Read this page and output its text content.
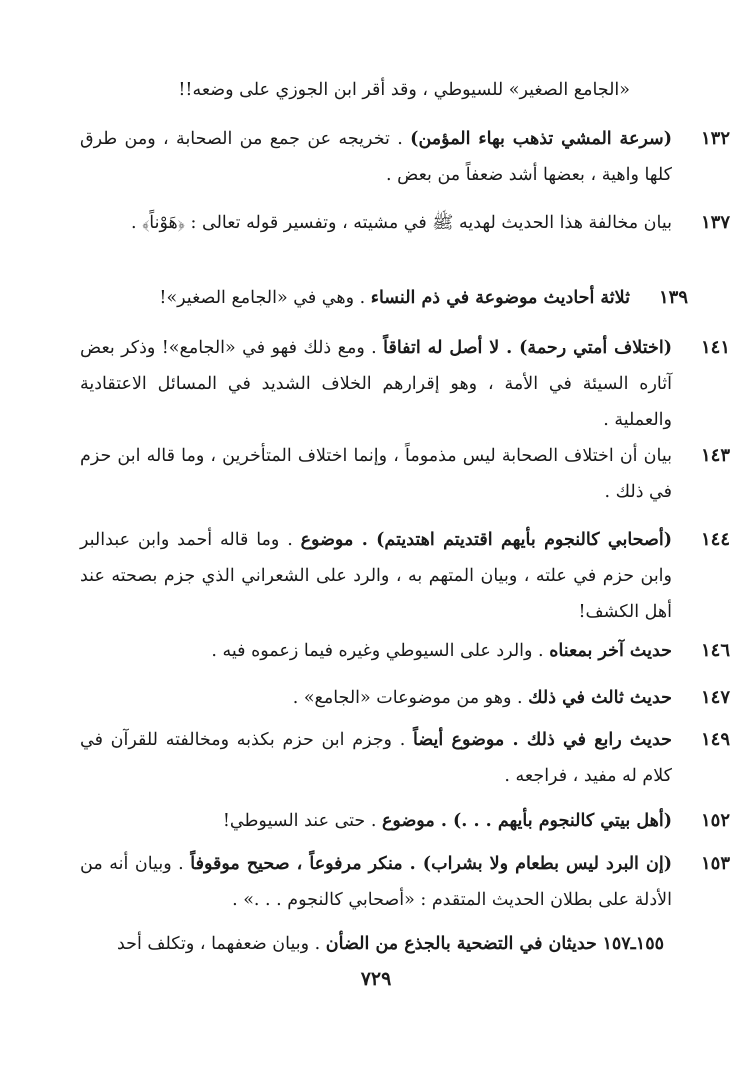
«الجامع الصغير» للسيوطي ، وقد أقر ابن الجوزي على وضعه!!
١٣٢
(سرعة المشي تذهب بهاء المؤمن) . تخريجه عن جمع من الصحابة ، ومن طرق كلها واهية ، بعضها أشد ضعفاً من بعض .
١٣٧
بيان مخالفة هذا الحديث لهديه ﷺ في مشيته ، وتفسير قوله تعالى : ﴿هَوْناً﴾ .
١٣٩
ثلاثة أحاديث موضوعة في ذم النساء . وهي في «الجامع الصغير»!
١٤١
(اختلاف أمتي رحمة) . لا أصل له اتفاقاً . ومع ذلك فهو في «الجامع»! وذكر بعض آثاره السيئة في الأمة ، وهو إقرارهم الخلاف الشديد في المسائل الاعتقادية والعملية .
١٤٣
بيان أن اختلاف الصحابة ليس مذموماً ، وإنما اختلاف المتأخرين ، وما قاله ابن حزم في ذلك .
١٤٤
(أصحابي كالنجوم بأيهم اقتديتم اهتديتم) . موضوع . وما قاله أحمد وابن عبدالبر وابن حزم في علته ، وبيان المتهم به ، والرد على الشعراني الذي جزم بصحته عند أهل الكشف!
١٤٦
حديث آخر بمعناه . والرد على السيوطي وغيره فيما زعموه فيه .
١٤٧
حديث ثالث في ذلك . وهو من موضوعات «الجامع» .
١٤٩
حديث رابع في ذلك . موضوع أيضاً . وجزم ابن حزم بكذبه ومخالفته للقرآن في كلام له مفيد ، فراجعه .
١٥٢
(أهل بيتي كالنجوم بأيهم . . .) . موضوع . حتى عند السيوطي!
١٥٣
(إن البرد ليس بطعام ولا بشراب) . منكر مرفوعاً ، صحيح موقوفاً . وبيان أنه من الأدلة على بطلان الحديث المتقدم : «أصحابي كالنجوم . . .» .
١٥٥ـ١٥٧ حديثان في التضحية بالجذع من الضأن . وبيان ضعفهما ، وتكلف أحد
٧٢٩
